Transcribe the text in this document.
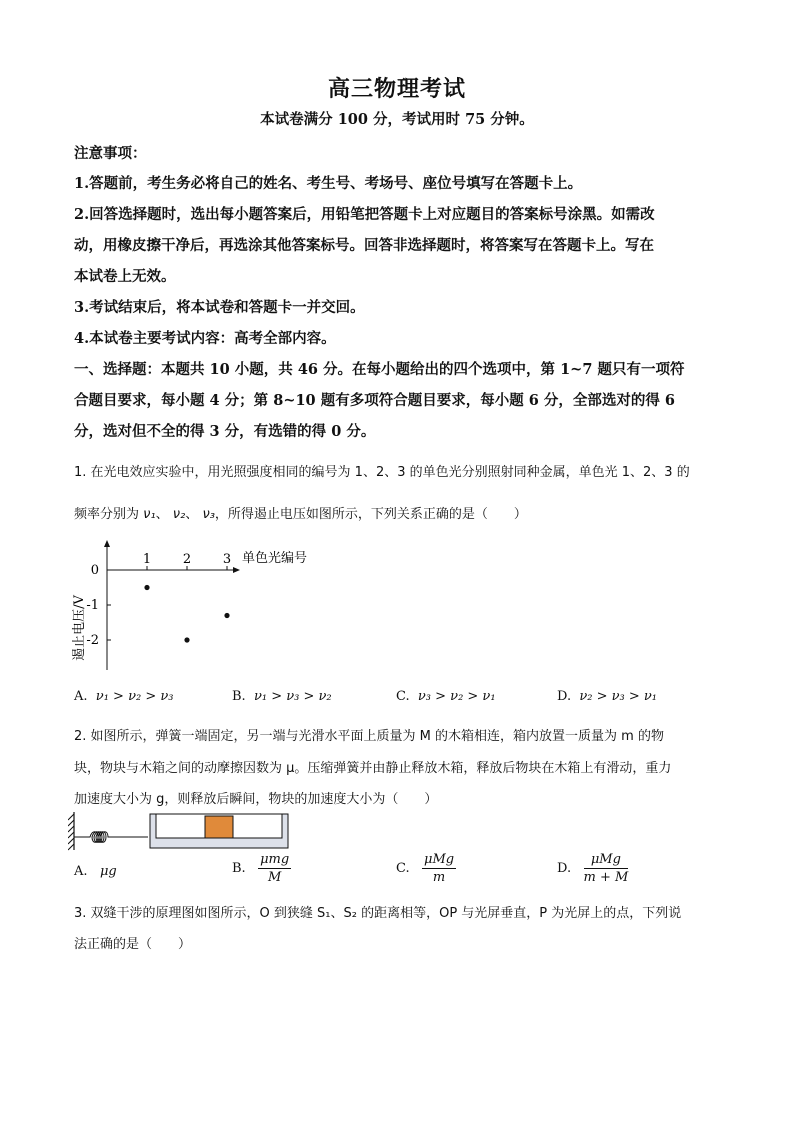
高三物理考试
本试卷满分 100 分，考试用时 75 分钟。
注意事项：
1.答题前，考生务必将自己的姓名、考生号、考场号、座位号填写在答题卡上。
2.回答选择题时，选出每小题答案后，用铅笔把答题卡上对应题目的答案标号涂黑。如需改
动，用橡皮擦干净后，再选涂其他答案标号。回答非选择题时，将答案写在答题卡上。写在
本试卷上无效。
3.考试结束后，将本试卷和答题卡一并交回。
4.本试卷主要考试内容：高考全部内容。
一、选择题：本题共 10 小题，共 46 分。在每小题给出的四个选项中，第 1~7 题只有一项符
合题目要求，每小题 4 分；第 8~10 题有多项符合题目要求，每小题 6 分，全部选对的得 6
分，选对但不全的得 3 分，有选错的得 0 分。
1. 在光电效应实验中，用光照强度相同的编号为 1、2、3 的单色光分别照射同种金属，单色光 1、2、3 的
频率分别为 ν₁、 ν₂、 ν₃，所得遏止电压如图所示，下列关系正确的是（　　）
1 2 3
0
-1
-2
遏止电压/V
单色光编号
A. ν₁ > ν₂ > ν₃	B. ν₁ > ν₃ > ν₂	C. ν₃ > ν₂ > ν₁	D. ν₂ > ν₃ > ν₁
2. 如图所示，弹簧一端固定，另一端与光滑水平面上质量为 M 的木箱相连，箱内放置一质量为 m 的物
块，物块与木箱之间的动摩擦因数为 μ。压缩弹簧并由静止释放木箱，释放后物块在木箱上有滑动，重力
加速度大小为 g，则释放后瞬间，物块的加速度大小为（　　）
A. μg	B. $\frac{\text{μmg}}{M}$	C. $\frac{\text{μMg}}{m}$	D. $\frac{\text{μMg}}{m + M}$
3. 双缝干涉的原理图如图所示，O 到狭缝 S₁、S₂ 的距离相等，OP 与光屏垂直，P 为光屏上的点，下列说
法正确的是（　　）
